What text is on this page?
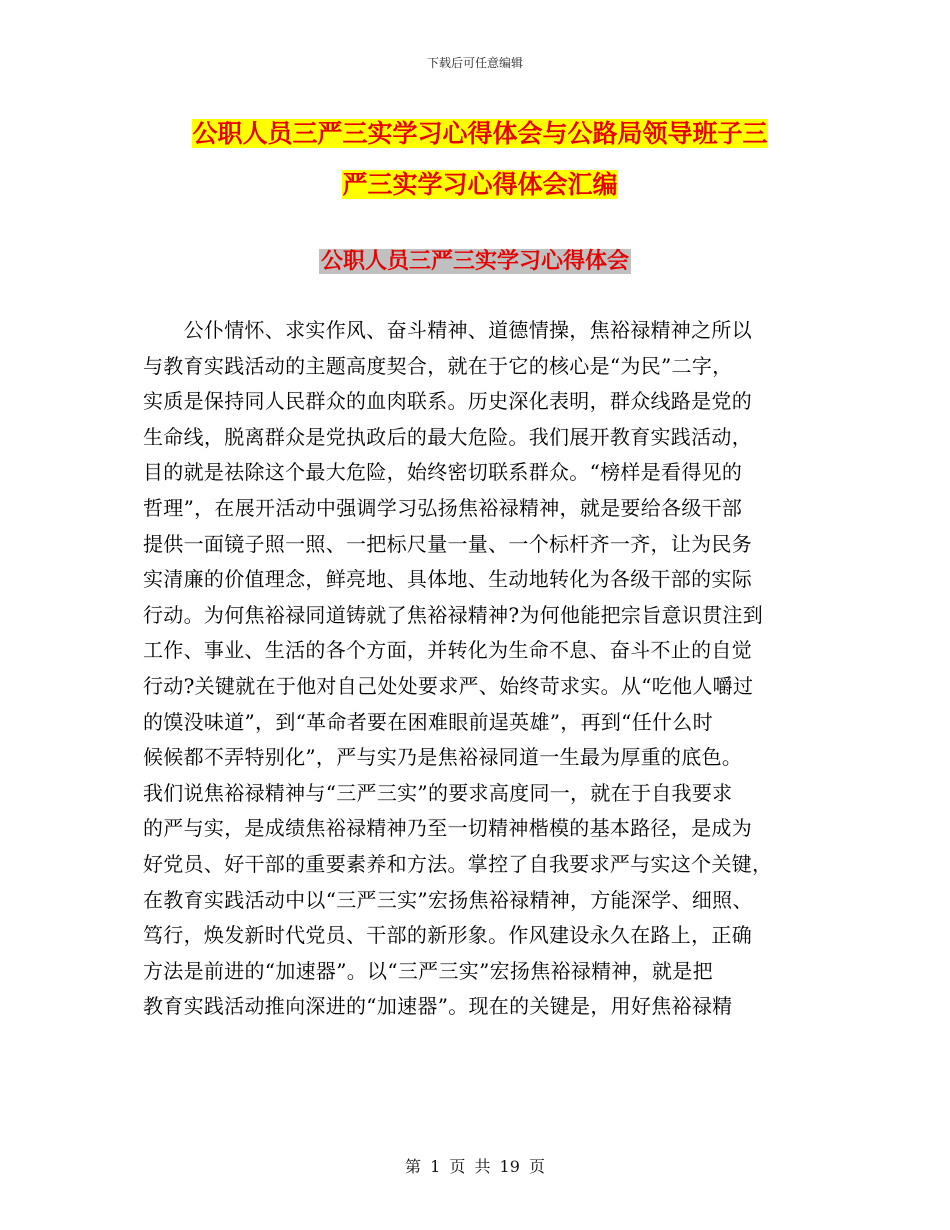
下载后可任意编辑
公职人员三严三实学习心得体会与公路局领导班子三
严三实学习心得体会汇编
公职人员三严三实学习心得体会
　　公仆情怀、求实作风、奋斗精神、道德情操，焦裕禄精神之所以
与教育实践活动的主题高度契合，就在于它的核心是“为民”二字，
实质是保持同人民群众的血肉联系。历史深化表明，群众线路是党的
生命线，脱离群众是党执政后的最大危险。我们展开教育实践活动，
目的就是祛除这个最大危险，始终密切联系群众。“榜样是看得见的
哲理”，在展开活动中强调学习弘扬焦裕禄精神，就是要给各级干部
提供一面镜子照一照、一把标尺量一量、一个标杆齐一齐，让为民务
实清廉的价值理念，鲜亮地、具体地、生动地转化为各级干部的实际
行动。为何焦裕禄同道铸就了焦裕禄精神?为何他能把宗旨意识贯注到
工作、事业、生活的各个方面，并转化为生命不息、奋斗不止的自觉
行动?关键就在于他对自己处处要求严、始终苛求实。从“吃他人嚼过
的馍没味道”，到“革命者要在困难眼前逞英雄”，再到“任什么时
候候都不弄特别化”，严与实乃是焦裕禄同道一生最为厚重的底色。
我们说焦裕禄精神与“三严三实”的要求高度同一，就在于自我要求
的严与实，是成绩焦裕禄精神乃至一切精神楷模的基本路径，是成为
好党员、好干部的重要素养和方法。掌控了自我要求严与实这个关键，
在教育实践活动中以“三严三实”宏扬焦裕禄精神，方能深学、细照、
笃行，焕发新时代党员、干部的新形象。作风建设永久在路上，正确
方法是前进的“加速器”。以“三严三实”宏扬焦裕禄精神，就是把
教育实践活动推向深进的“加速器”。现在的关键是，用好焦裕禄精
第 1 页 共 19 页
